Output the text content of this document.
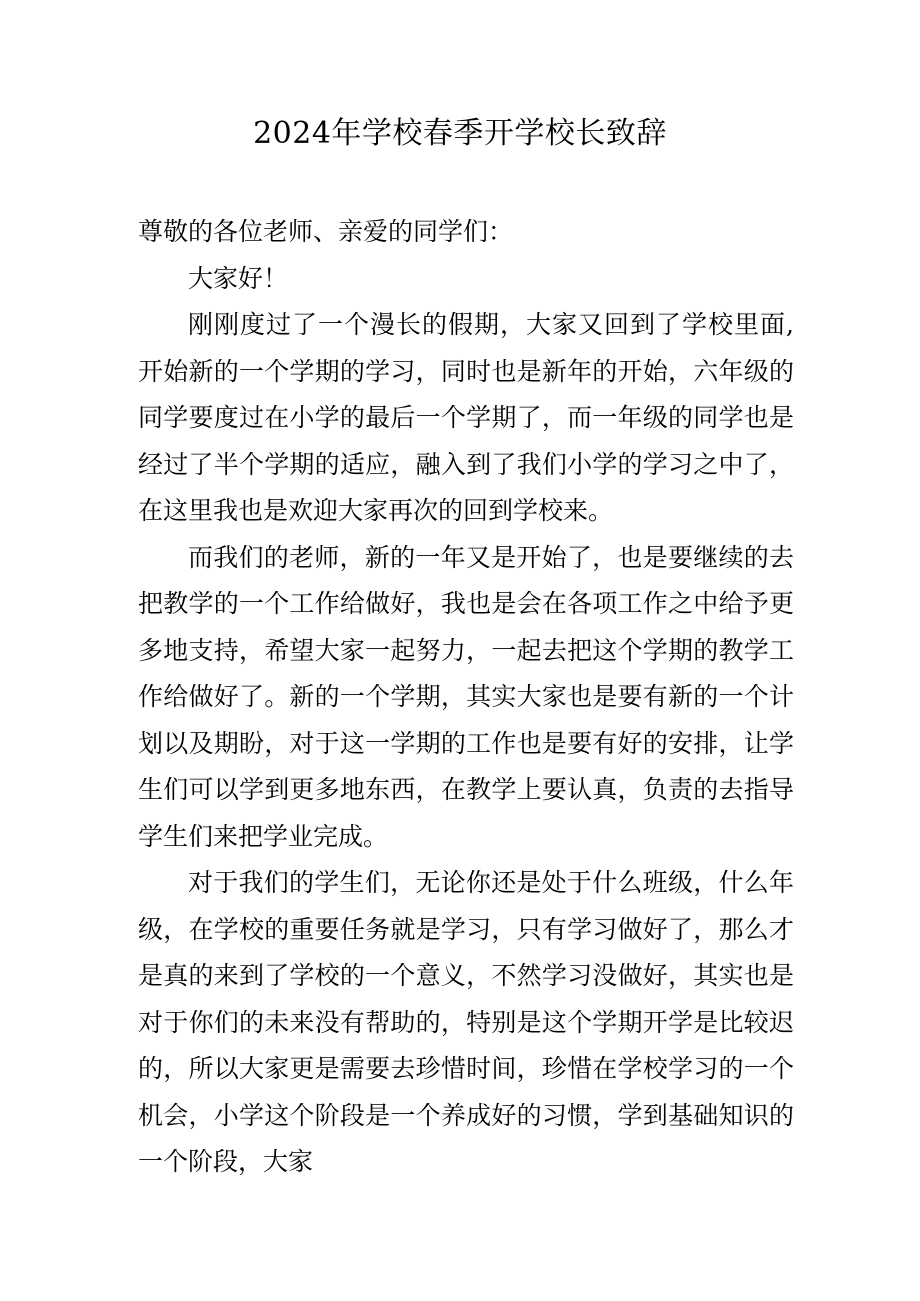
2024年学校春季开学校长致辞

尊敬的各位老师、亲爱的同学们：

大家好！

刚刚度过了一个漫长的假期，大家又回到了学校里面,开始新的一个学期的学习，同时也是新年的开始，六年级的同学要度过在小学的最后一个学期了，而一年级的同学也是经过了半个学期的适应，融入到了我们小学的学习之中了，在这里我也是欢迎大家再次的回到学校来。

而我们的老师，新的一年又是开始了，也是要继续的去把教学的一个工作给做好，我也是会在各项工作之中给予更多地支持，希望大家一起努力，一起去把这个学期的教学工作给做好了。新的一个学期，其实大家也是要有新的一个计划以及期盼，对于这一学期的工作也是要有好的安排，让学生们可以学到更多地东西，在教学上要认真，负责的去指导学生们来把学业完成。

对于我们的学生们，无论你还是处于什么班级，什么年级，在学校的重要任务就是学习，只有学习做好了，那么才是真的来到了学校的一个意义，不然学习没做好，其实也是对于你们的未来没有帮助的，特别是这个学期开学是比较迟的，所以大家更是需要去珍惜时间，珍惜在学校学习的一个机会，小学这个阶段是一个养成好的习惯，学到基础知识的一个阶段，大家
